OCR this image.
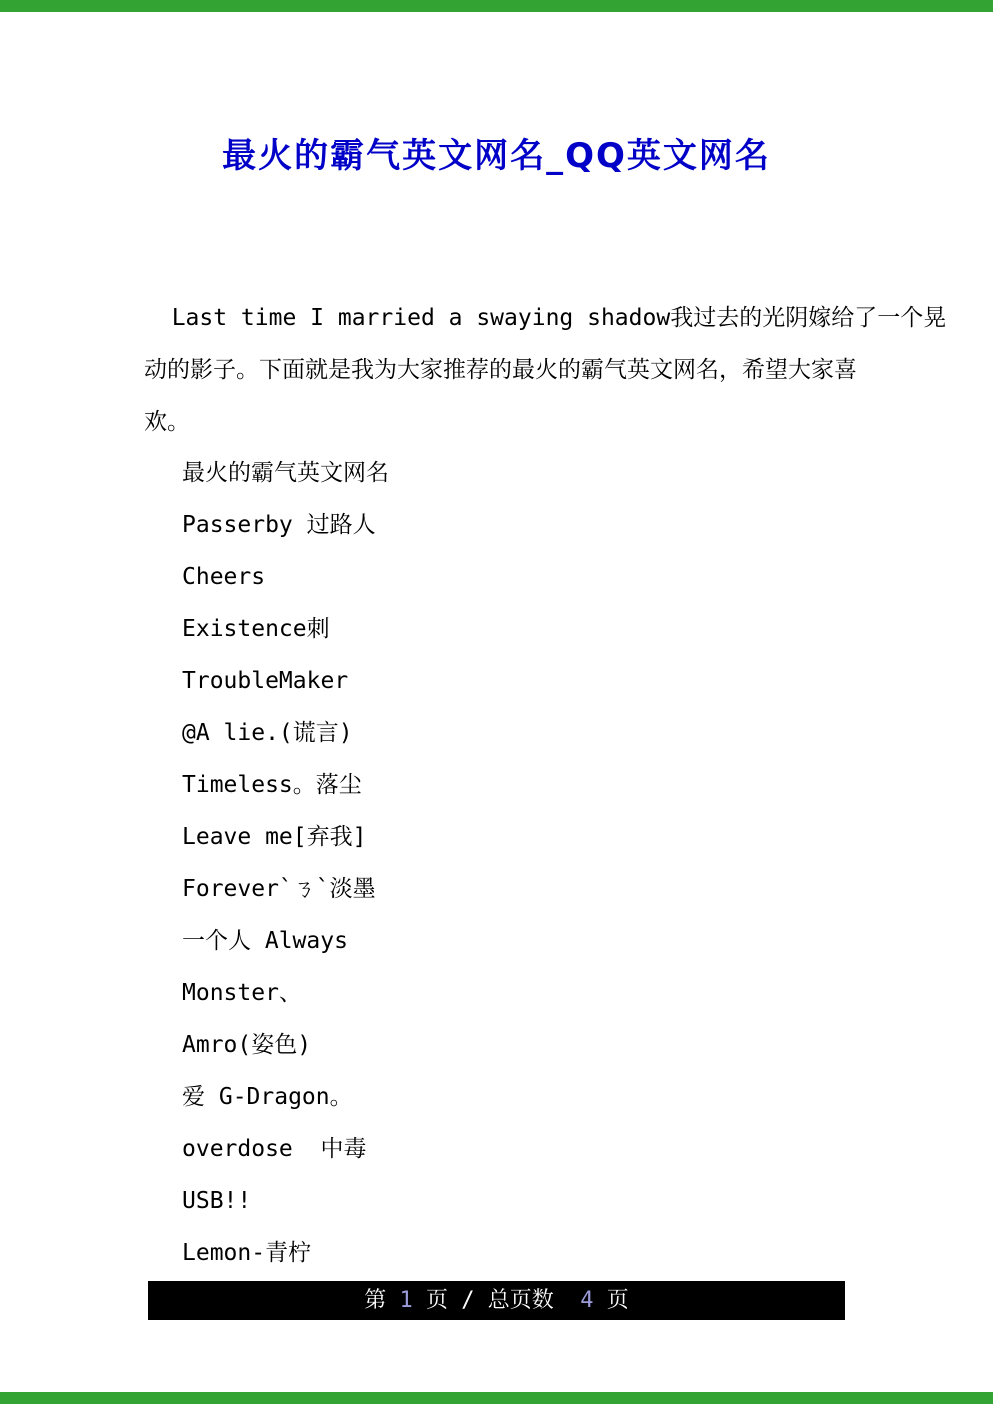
最火的霸气英文网名_QQ英文网名
Last time I married a swaying shadow我过去的光阴嫁给了一个晃
动的影子。下面就是我为大家推荐的最火的霸气英文网名，希望大家喜
欢。
最火的霸气英文网名
Passerby 过路人
Cheers
Existence刺
TroubleMaker
@A lie.(谎言)
Timeless。落尘
Leave me[弃我]
Forever`ㄋ`淡墨
一个人 Always
Monster、
Amro(姿色)
爱 G-Dragon。
overdose  中毒
USB!!
Lemon-青柠
第 1 页 / 总页数  4 页
